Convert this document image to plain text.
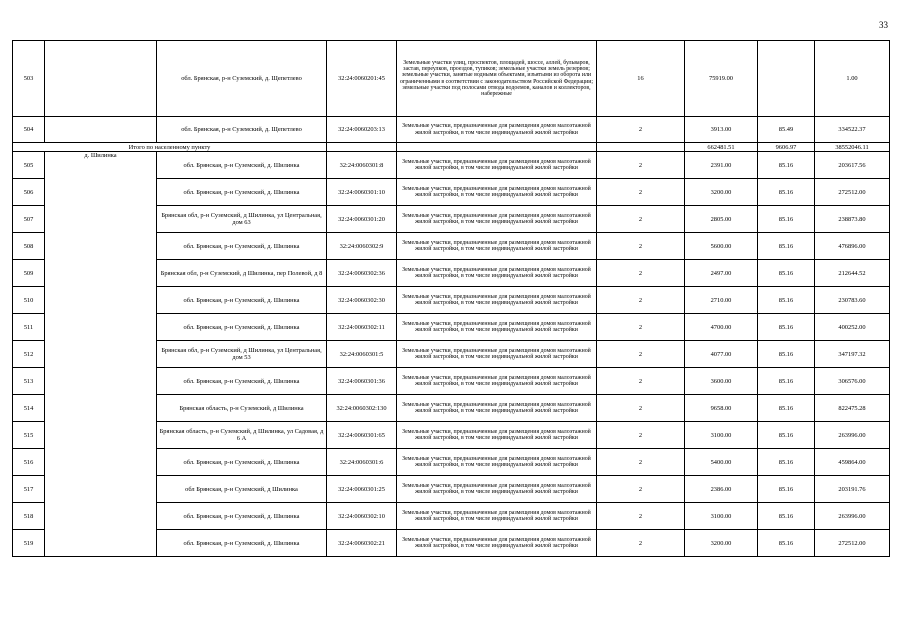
33
503		обл. Брянская, р-н Суземский, д. Щепетлево	32:24:0060201:45	Земельные участки улиц, проспектов, площадей, шоссе, аллей, бульваров, застав, переулков, проездов, тупиков; земельные участки земель резервов; земельные участки, занятые водными объектами, изъятыми из оборота или ограниченными в соответствии с законодательством Российской Федерации; земельные участки под полосами отвода водоемов, каналов и коллекторов, набережные	16	75919.00		1.00
504		обл. Брянская, р-н Суземский, д. Щепетлево	32:24:0060203:13	Земельные участки, предназначенные для размещения домов малоэтажной жилой застройки, в том числе индивидуальной жилой застройки	2	3913.00	85.49	334522.37
Итого по населенному пункту						662481.51	9606.97	38552046.11
505	д. Шилинка	обл. Брянская, р-н Суземский, д. Шилинка	32:24:0060301:8	Земельные участки, предназначенные для размещения домов малоэтажной жилой застройки, в том числе индивидуальной жилой застройки	2	2391.00	85.16	203617.56
506		обл. Брянская, р-н Суземский, д. Шилинка	32:24:0060301:10	Земельные участки, предназначенные для размещения домов малоэтажной жилой застройки, в том числе индивидуальной жилой застройки	2	3200.00	85.16	272512.00
507		Брянская обл, р-н Суземский, д Шилинка, ул Центральная, дом 63	32:24:0060301:20	Земельные участки, предназначенные для размещения домов малоэтажной жилой застройки, в том числе индивидуальной жилой застройки	2	2805.00	85.16	238873.80
508		обл. Брянская, р-н Суземский, д. Шилинка	32:24:0060302:9	Земельные участки, предназначенные для размещения домов малоэтажной жилой застройки, в том числе индивидуальной жилой застройки	2	5600.00	85.16	476896.00
509		Брянская обл, р-н Суземский, д Шилинка, пер Полевой, д 8	32:24:0060302:36	Земельные участки, предназначенные для размещения домов малоэтажной жилой застройки, в том числе индивидуальной жилой застройки	2	2497.00	85.16	212644.52
510		обл. Брянская, р-н Суземский, д. Шилинка	32:24:0060302:30	Земельные участки, предназначенные для размещения домов малоэтажной жилой застройки, в том числе индивидуальной жилой застройки	2	2710.00	85.16	230783.60
511		обл. Брянская, р-н Суземский, д. Шилинка	32:24:0060302:11	Земельные участки, предназначенные для размещения домов малоэтажной жилой застройки, в том числе индивидуальной жилой застройки	2	4700.00	85.16	400252.00
512		Брянская обл, р-н Суземский, д Шилинка, ул Центральная, дом 53	32:24:0060301:5	Земельные участки, предназначенные для размещения домов малоэтажной жилой застройки, в том числе индивидуальной жилой застройки	2	4077.00	85.16	347197.32
513		обл. Брянская, р-н Суземский, д. Шилинка	32:24:0060301:36	Земельные участки, предназначенные для размещения домов малоэтажной жилой застройки, в том числе индивидуальной жилой застройки	2	3600.00	85.16	306576.00
514		Брянская область, р-н Суземский, д Шилинка	32:24:0060302:130	Земельные участки, предназначенные для размещения домов малоэтажной жилой застройки, в том числе индивидуальной жилой застройки	2	9658.00	85.16	822475.28
515		Брянская область, р-н Суземский, д Шилинка, ул Садовая, д 6 А	32:24:0060301:65	Земельные участки, предназначенные для размещения домов малоэтажной жилой застройки, в том числе индивидуальной жилой застройки	2	3100.00	85.16	263996.00
516		обл. Брянская, р-н Суземский, д. Шилинка	32:24:0060301:6	Земельные участки, предназначенные для размещения домов малоэтажной жилой застройки, в том числе индивидуальной жилой застройки	2	5400.00	85.16	459864.00
517		обл Брянская, р-н Суземский, д Шилинка	32:24:0060301:25	Земельные участки, предназначенные для размещения домов малоэтажной жилой застройки, в том числе индивидуальной жилой застройки	2	2386.00	85.16	203191.76
518		обл. Брянская, р-н Суземский, д. Шилинка	32:24:0060302:10	Земельные участки, предназначенные для размещения домов малоэтажной жилой застройки, в том числе индивидуальной жилой застройки	2	3100.00	85.16	263996.00
519		обл. Брянская, р-н Суземский, д. Шилинка	32:24:0060302:21	Земельные участки, предназначенные для размещения домов малоэтажной жилой застройки, в том числе индивидуальной жилой застройки	2	3200.00	85.16	272512.00
